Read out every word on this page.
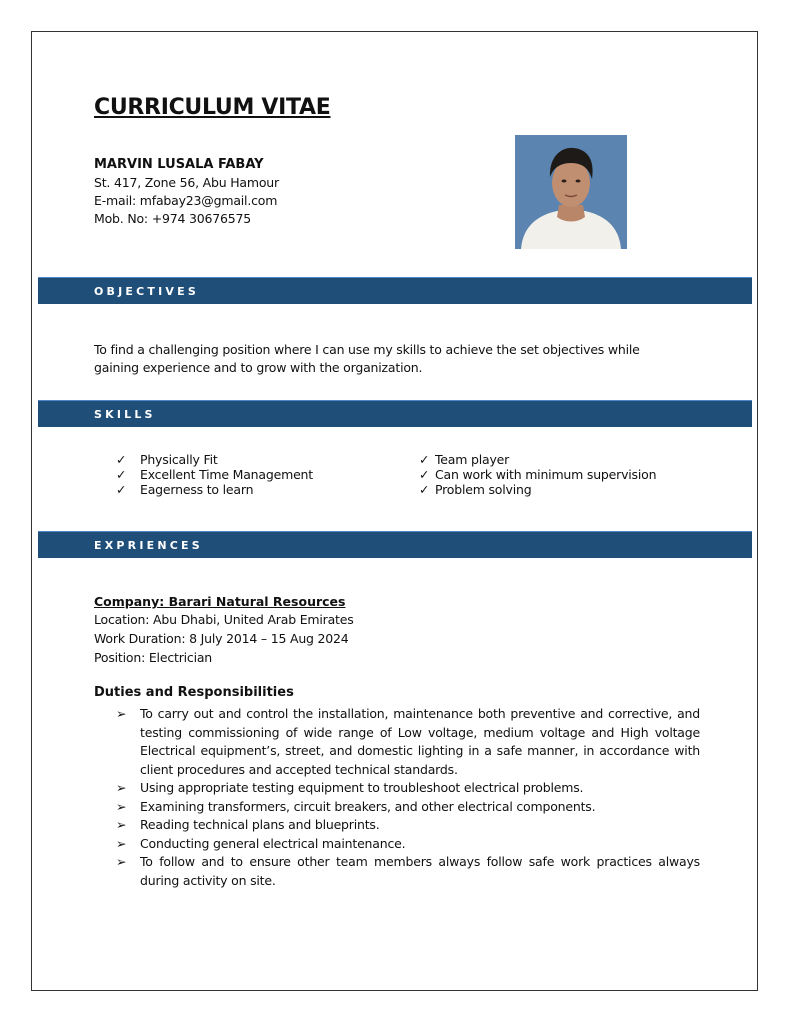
CURRICULUM VITAE
MARVIN LUSALA FABAY
St. 417, Zone 56, Abu Hamour
E-mail: mfabay23@gmail.com
Mob. No: +974 30676575
OBJECTIVES
To find a challenging position where I can use my skills to achieve the set objectives while
gaining experience and to grow with the organization.
SKILLS
✓ Physically Fit
✓ Excellent Time Management
✓ Eagerness to learn
✓ Team player
✓ Can work with minimum supervision
✓ Problem solving
EXPRIENCES
Company: Barari Natural Resources
Location: Abu Dhabi, United Arab Emirates
Work Duration: 8 July 2014 – 15 Aug 2024
Position: Electrician
Duties and Responsibilities
➢ To carry out and control the installation, maintenance both preventive and corrective, and testing commissioning of wide range of Low voltage, medium voltage and High voltage Electrical equipment’s, street, and domestic lighting in a safe manner, in accordance with client procedures and accepted technical standards.
➢ Using appropriate testing equipment to troubleshoot electrical problems.
➢ Examining transformers, circuit breakers, and other electrical components.
➢ Reading technical plans and blueprints.
➢ Conducting general electrical maintenance.
➢ To follow and to ensure other team members always follow safe work practices always during activity on site.
